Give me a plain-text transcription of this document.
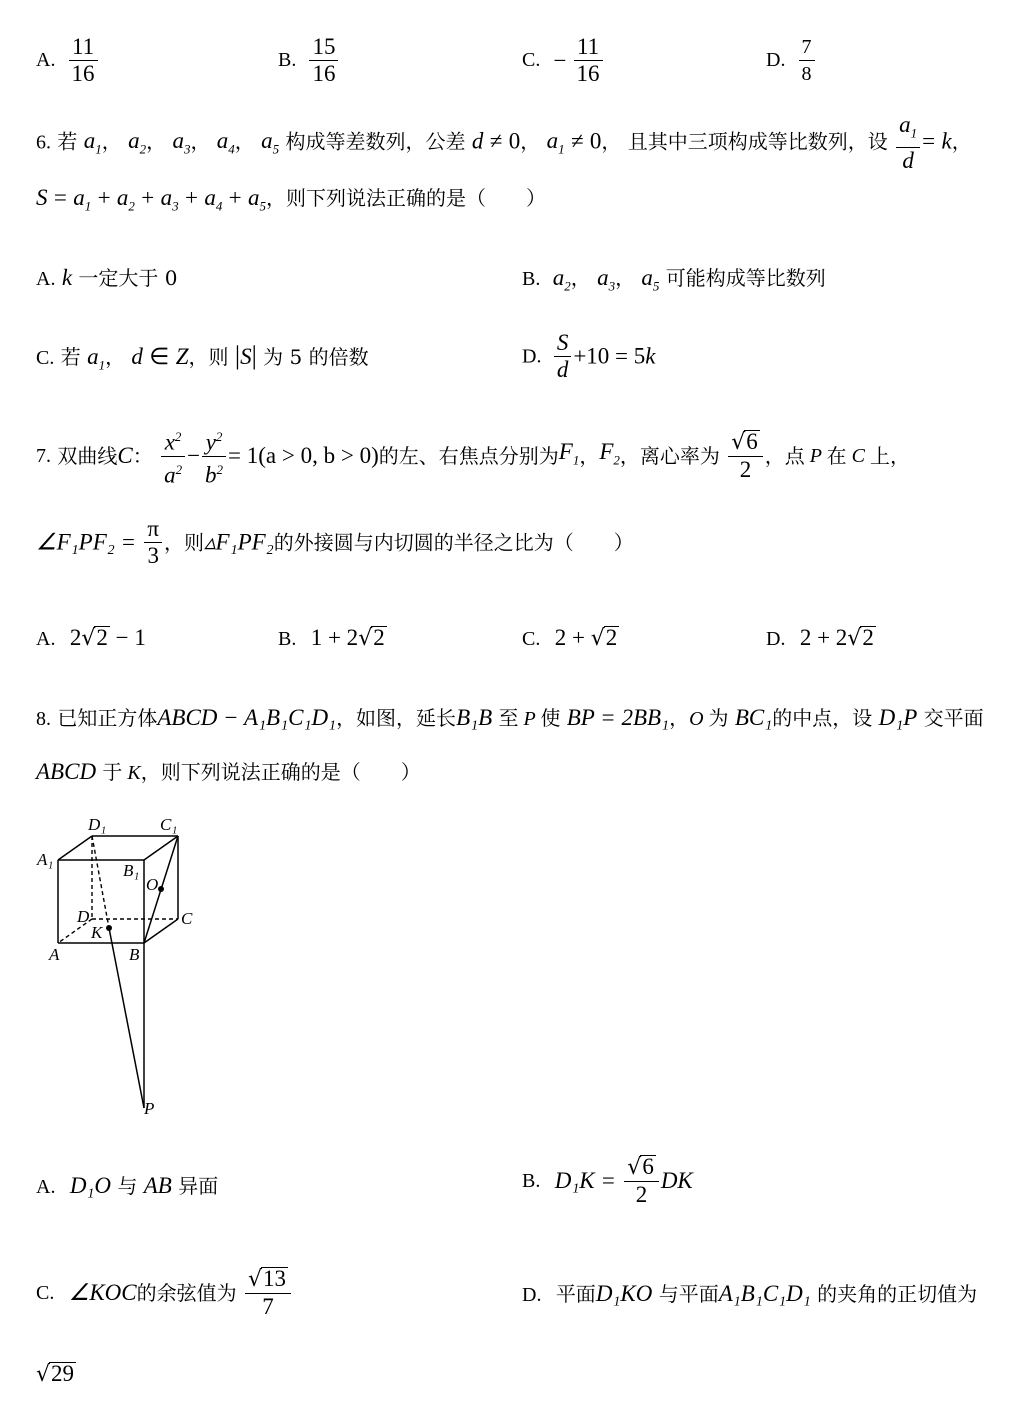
A. $\frac{11}{16}$	B. $\frac{15}{16}$	C. − $\frac{11}{16}$	D. $\frac{7}{8}$
6. 若 $a_1$， $a_2$， $a_3$， $a_4$， $a_5$ 构成等差数列，公差 d ≠ 0， $a_1 \ne 0$， 且其中三项构成等比数列，设 $\frac{a_1}{d} = k$，
$S = a_1 + a_2 + a_3 + a_4 + a_5$，则下列说法正确的是（　　）
A. k 一定大于 0	B. $a_2$， $a_3$， $a_5$ 可能构成等比数列
C. 若 $a_1$， d ∈ Z，则 |S| 为 5 的倍数	D. $\frac{S}{d} +10 = 5k$
7. 双曲线C： $\frac{x^2}{a^2} - \frac{y^2}{b^2} = 1(a > 0$, b > 0)的左、右焦点分别为$F_1$，$F_2$，离心率为 $\frac{√6}{2}$ ，点 P 在 C 上，
∠F₁PF₂ = $\frac{\pi}{3}$ ，则▵F₁PF₂的外接圆与内切圆的半径之比为（　　）
A. 2√2 − 1	B. 1 + 2√2	C. 2 + √2	D. 2 + 2√2
8. 已知正方体ABCD − A₁B₁C₁D₁，如图，延长B₁B 至 P 使 BP = 2BB₁，O 为 BC₁的中点，设 D₁P 交平面
ABCD 于 K，则下列说法正确的是（　　）
D₁	C₁
A₁
B₁
O
D	C
K
A	B
P
A. D₁O 与 AB 异面	B. $D_1K = \frac{√6}{2}$ DK
C. ∠KOC的余弦值为 $\frac{√13}{7}$	D. 平面D₁KO 与平面A₁B₁C₁D₁ 的夹角的正切值为
√29
